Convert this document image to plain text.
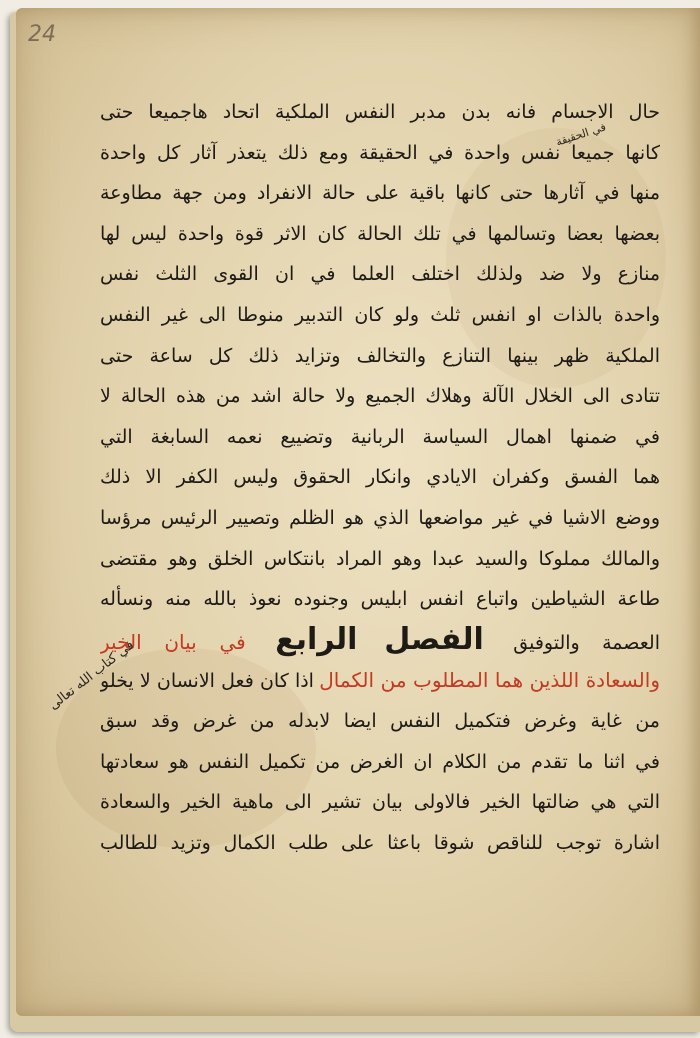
24
حال الاجسام فانه بدن مدبر النفس الملكية اتحاد هاجميعا حتى
كانها جميعا نفس واحدة في الحقيقة ومع ذلك يتعذر آثار كل واحدة
منها في آثارها حتى كانها باقية على حالة الانفراد ومن جهة مطاوعة
بعضها بعضا وتسالمها في تلك الحالة كان الاثر قوة واحدة ليس لها
منازع ولا ضد ولذلك اختلف العلما في ان القوى الثلث نفس
واحدة بالذات او انفس ثلث ولو كان التدبير منوطا الى غير النفس
الملكية ظهر بينها التنازع والتخالف وتزايد ذلك كل ساعة حتى
تتادى الى الخلال الآلة وهلاك الجميع ولا حالة اشد من هذه الحالة لا
في ضمنها اهمال السياسة الربانية وتضييع نعمه السابغة التي
هما الفسق وكفران الايادي وانكار الحقوق وليس الكفر الا ذلك
ووضع الاشيا في غير مواضعها الذي هو الظلم وتصيير الرئيس مرؤسا
والمالك مملوكا والسيد عبدا وهو المراد بانتكاس الخلق وهو مقتضى
طاعة الشياطين واتباع انفس ابليس وجنوده نعوذ بالله منه ونسأله
العصمة والتوفيق الفصل الرابع في بيان الخير
والسعادة اللذين هما المطلوب من الكمال اذا كان فعل الانسان لا يخلو
من غاية وغرض فتكميل النفس ايضا لابدله من غرض وقد سبق
في اثنا ما تقدم من الكلام ان الغرض من تكميل النفس هو سعادتها
التي هي ضالتها الخير فالاولى بيان تشير الى ماهية الخير والسعادة
اشارة توجب للناقص شوقا باعثا على طلب الكمال وتزيد للطالب
في كتاب الله تعالى
في الحقيقة
